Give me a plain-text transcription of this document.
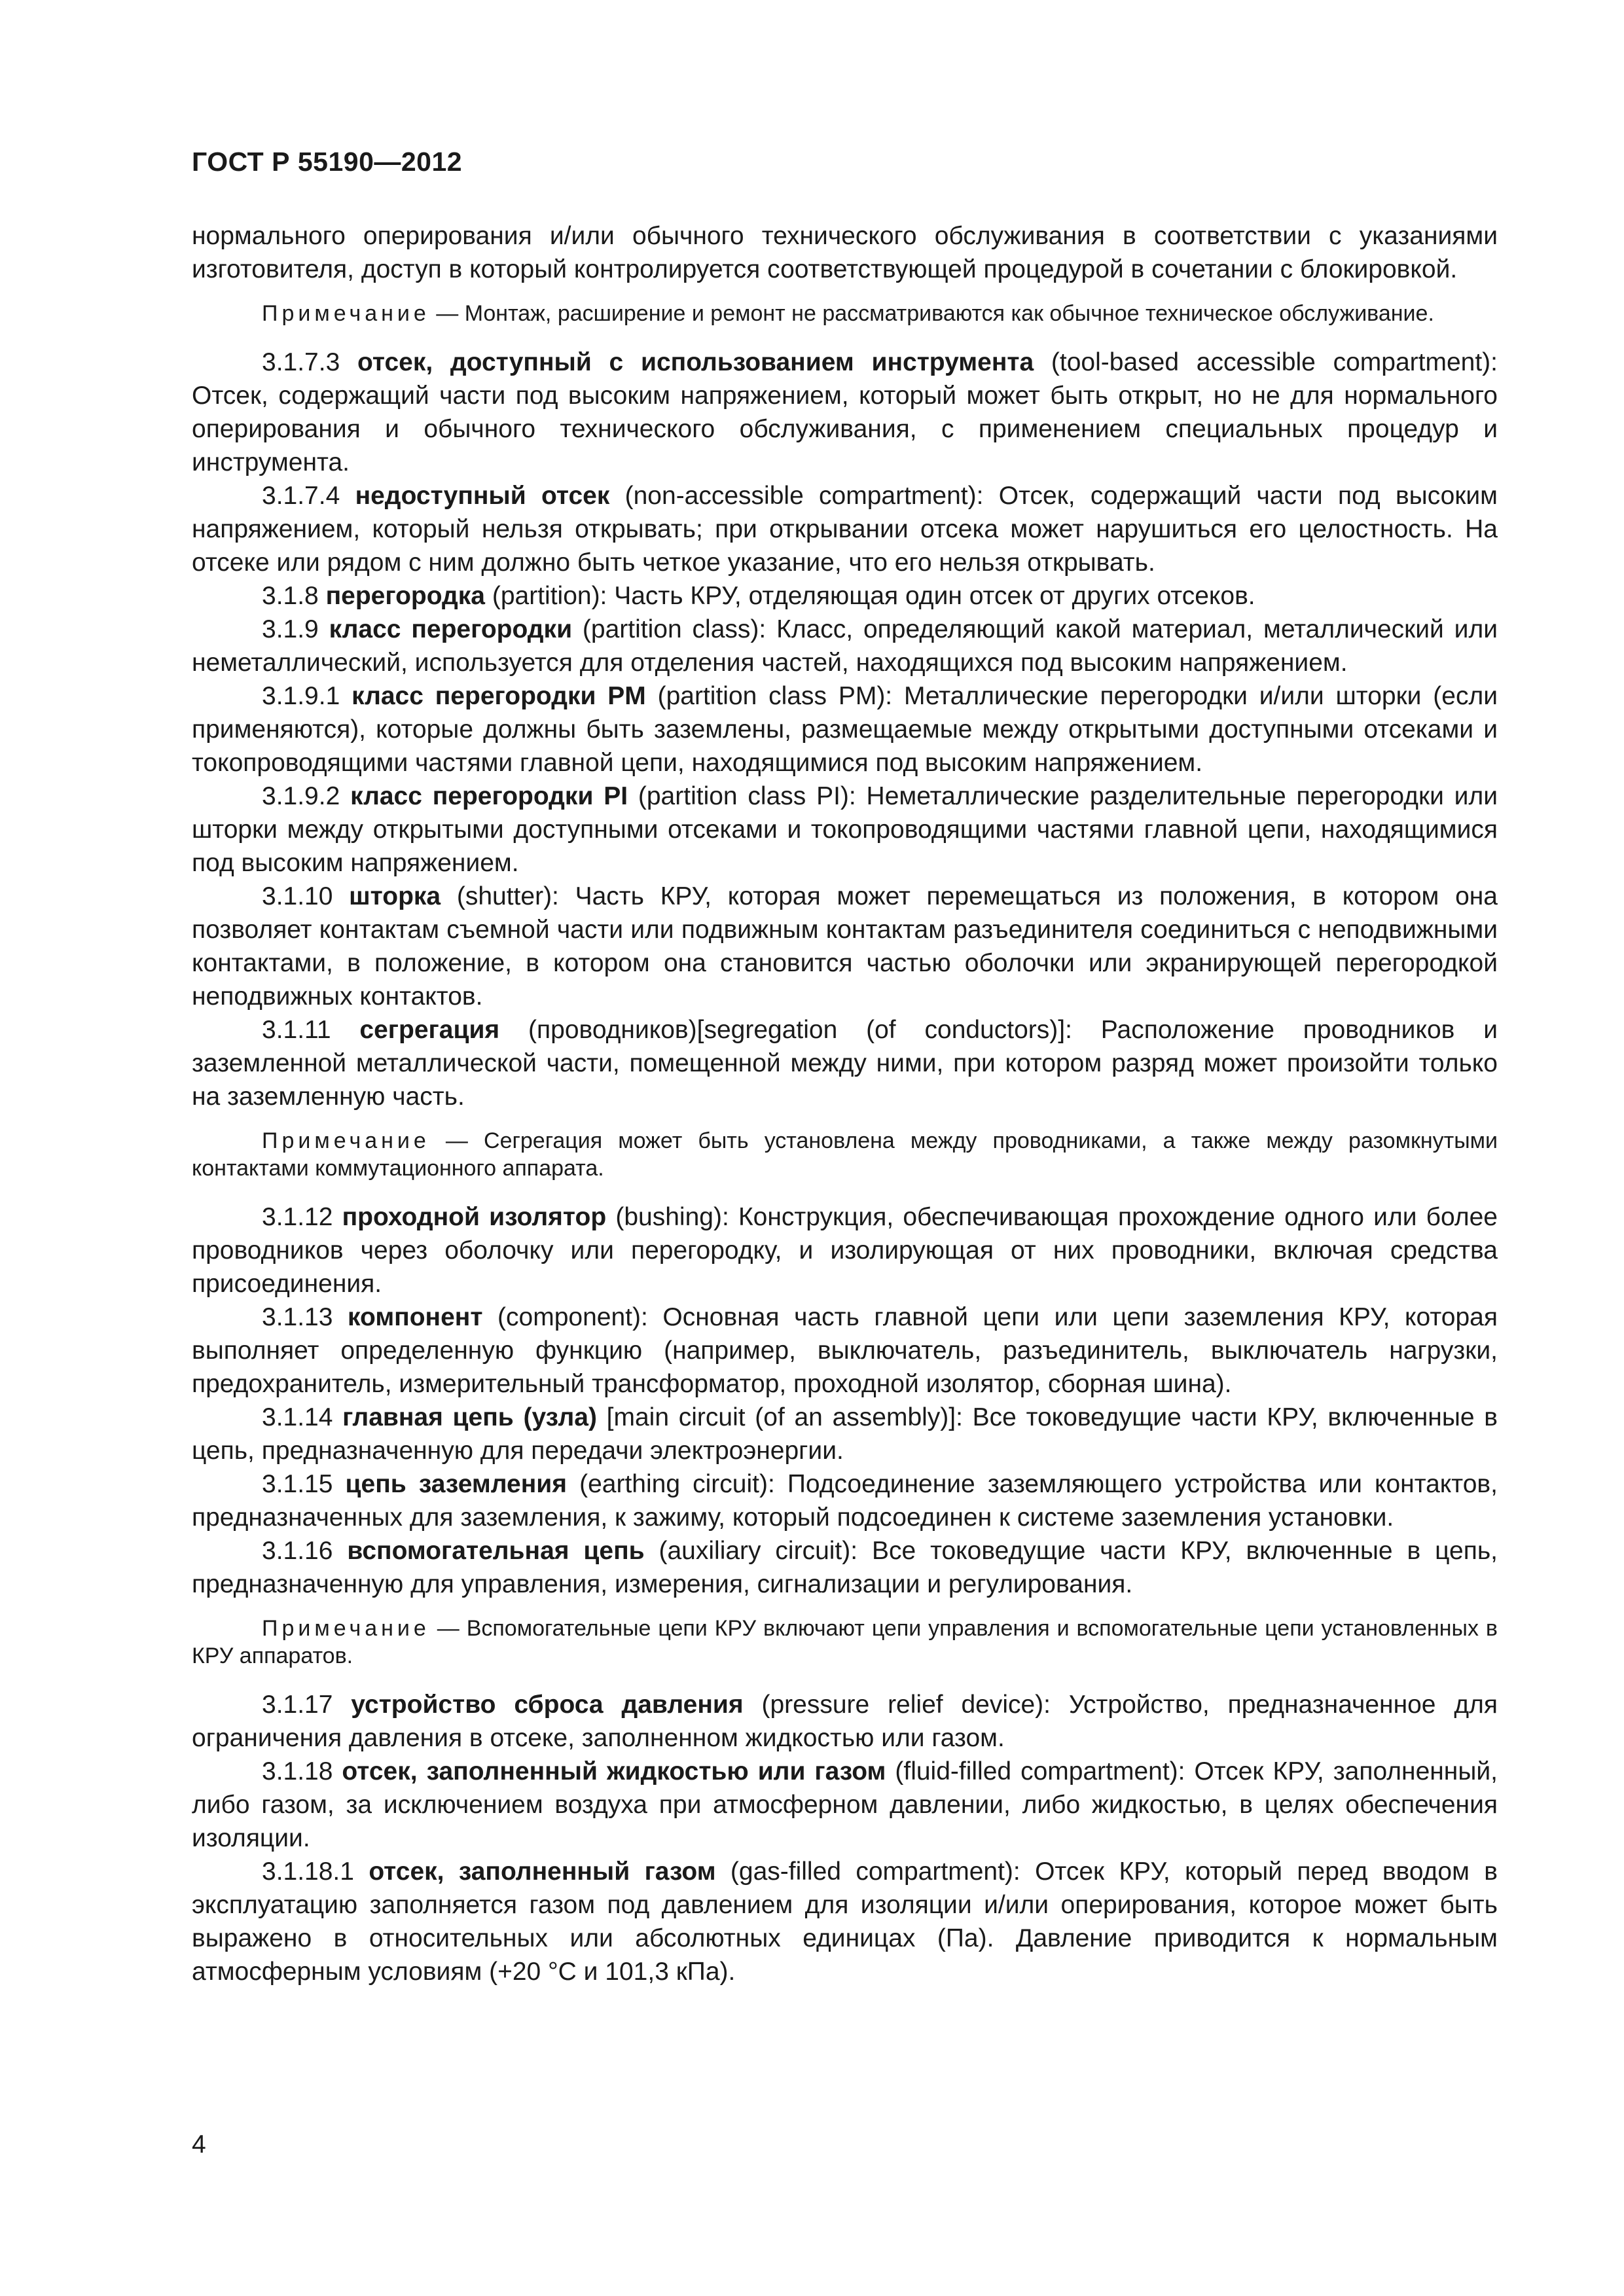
ГОСТ Р 55190—2012

нормального оперирования и/или обычного технического обслуживания в соответствии с указаниями изготовителя, доступ в который контролируется соответствующей процедурой в сочетании с блокировкой.

Примечание — Монтаж, расширение и ремонт не рассматриваются как обычное техническое обслуживание.

3.1.7.3 отсек, доступный с использованием инструмента (tool-based accessible compartment): Отсек, содержащий части под высоким напряжением, который может быть открыт, но не для нормального оперирования и обычного технического обслуживания, с применением специальных процедур и инструмента.

3.1.7.4 недоступный отсек (non-accessible compartment): Отсек, содержащий части под высоким напряжением, который нельзя открывать; при открывании отсека может нарушиться его целостность. На отсеке или рядом с ним должно быть четкое указание, что его нельзя открывать.

3.1.8 перегородка (partition): Часть КРУ, отделяющая один отсек от других отсеков.

3.1.9 класс перегородки (partition class): Класс, определяющий какой материал, металлический или неметаллический, используется для отделения частей, находящихся под высоким напряжением.

3.1.9.1 класс перегородки PM (partition class PM): Металлические перегородки и/или шторки (если применяются), которые должны быть заземлены, размещаемые между открытыми доступными отсеками и токопроводящими частями главной цепи, находящимися под высоким напряжением.

3.1.9.2 класс перегородки PI (partition class PI): Неметаллические разделительные перегородки или шторки между открытыми доступными отсеками и токопроводящими частями главной цепи, находящимися под высоким напряжением.

3.1.10 шторка (shutter): Часть КРУ, которая может перемещаться из положения, в котором она позволяет контактам съемной части или подвижным контактам разъединителя соединиться с неподвижными контактами, в положение, в котором она становится частью оболочки или экранирующей перегородкой неподвижных контактов.

3.1.11 сегрегация (проводников)[segregation (of conductors)]: Расположение проводников и заземленной металлической части, помещенной между ними, при котором разряд может произойти только на заземленную часть.

Примечание — Сегрегация может быть установлена между проводниками, а также между разомкнутыми контактами коммутационного аппарата.

3.1.12 проходной изолятор (bushing): Конструкция, обеспечивающая прохождение одного или более проводников через оболочку или перегородку, и изолирующая от них проводники, включая средства присоединения.

3.1.13 компонент (component): Основная часть главной цепи или цепи заземления КРУ, которая выполняет определенную функцию (например, выключатель, разъединитель, выключатель нагрузки, предохранитель, измерительный трансформатор, проходной изолятор, сборная шина).

3.1.14 главная цепь (узла) [main circuit (of an assembly)]: Все токоведущие части КРУ, включенные в цепь, предназначенную для передачи электроэнергии.

3.1.15 цепь заземления (earthing circuit): Подсоединение заземляющего устройства или контактов, предназначенных для заземления, к зажиму, который подсоединен к системе заземления установки.

3.1.16 вспомогательная цепь (auxiliary circuit): Все токоведущие части КРУ, включенные в цепь, предназначенную для управления, измерения, сигнализации и регулирования.

Примечание — Вспомогательные цепи КРУ включают цепи управления и вспомогательные цепи установленных в КРУ аппаратов.

3.1.17 устройство сброса давления (pressure relief device): Устройство, предназначенное для ограничения давления в отсеке, заполненном жидкостью или газом.

3.1.18 отсек, заполненный жидкостью или газом (fluid-filled compartment): Отсек КРУ, заполненный, либо газом, за исключением воздуха при атмосферном давлении, либо жидкостью, в целях обеспечения изоляции.

3.1.18.1 отсек, заполненный газом (gas-filled compartment): Отсек КРУ, который перед вводом в эксплуатацию заполняется газом под давлением для изоляции и/или оперирования, которое может быть выражено в относительных или абсолютных единицах (Па). Давление приводится к нормальным атмосферным условиям (+20 °С и 101,3 кПа).

4
